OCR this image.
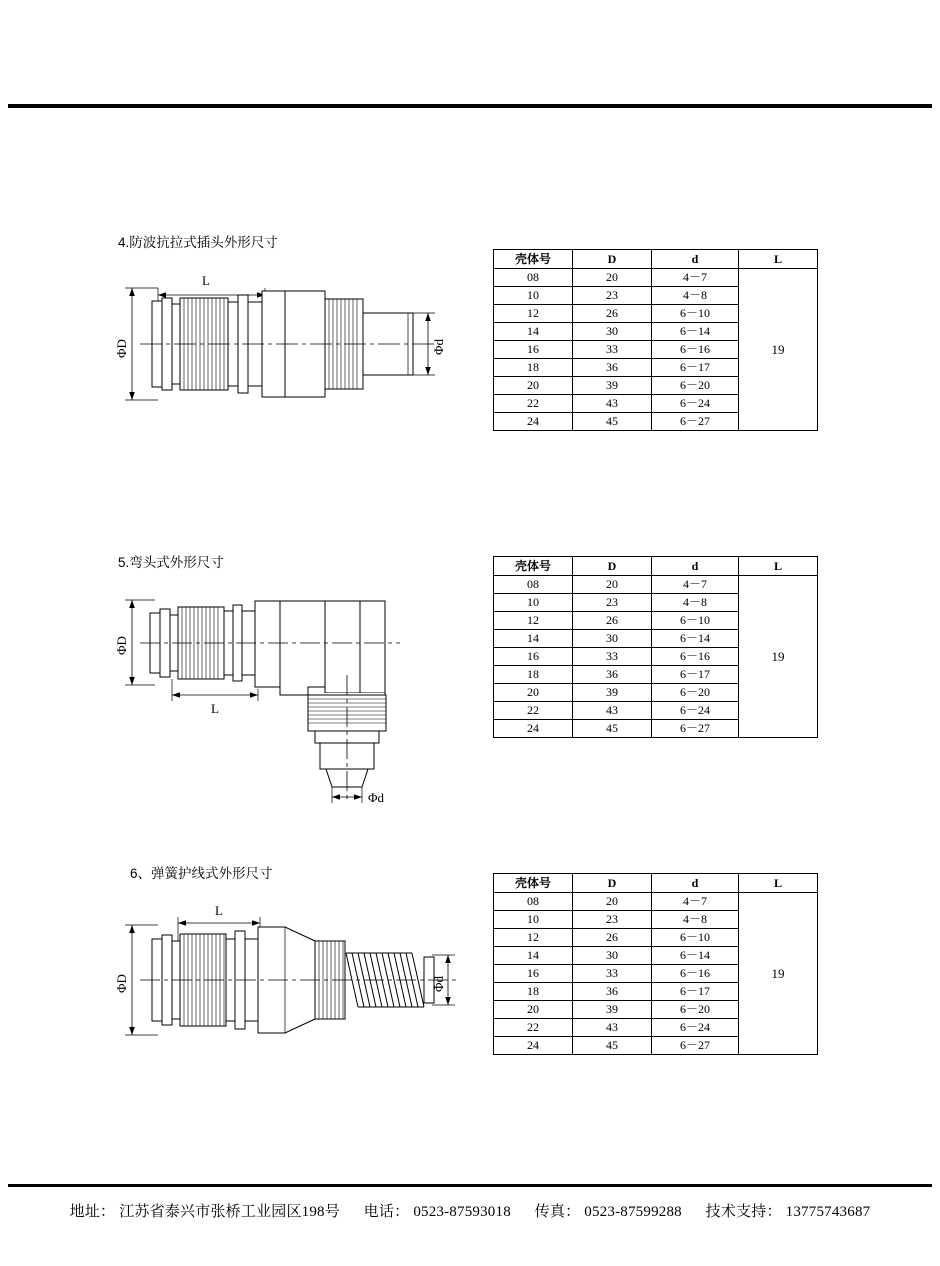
4.防波抗拉式插头外形尺寸
L
ΦD	Φd
壳体号	D	d	L
08	20	4－7	19
10	23	4－8	
12	26	6－10	
14	30	6－14	
16	33	6－16	
18	36	6－17	
20	39	6－20	
22	43	6－24	
24	45	6－27	
5.弯头式外形尺寸
L
ΦD
Φd
壳体号	D	d	L
08	20	4－7	19
10	23	4－8	
12	26	6－10	
14	30	6－14	
16	33	6－16	
18	36	6－17	
20	39	6－20	
22	43	6－24	
24	45	6－27	
6、弹簧护线式外形尺寸
L
ΦD	Φd
壳体号	D	d	L
08	20	4－7	19
10	23	4－8	
12	26	6－10	
14	30	6－14	
16	33	6－16	
18	36	6－17	
20	39	6－20	
22	43	6－24	
24	45	6－27	
地址： 江苏省泰兴市张桥工业园区198号 电话： 0523-87593018 传真： 0523-87599288 技术支持： 13775743687
